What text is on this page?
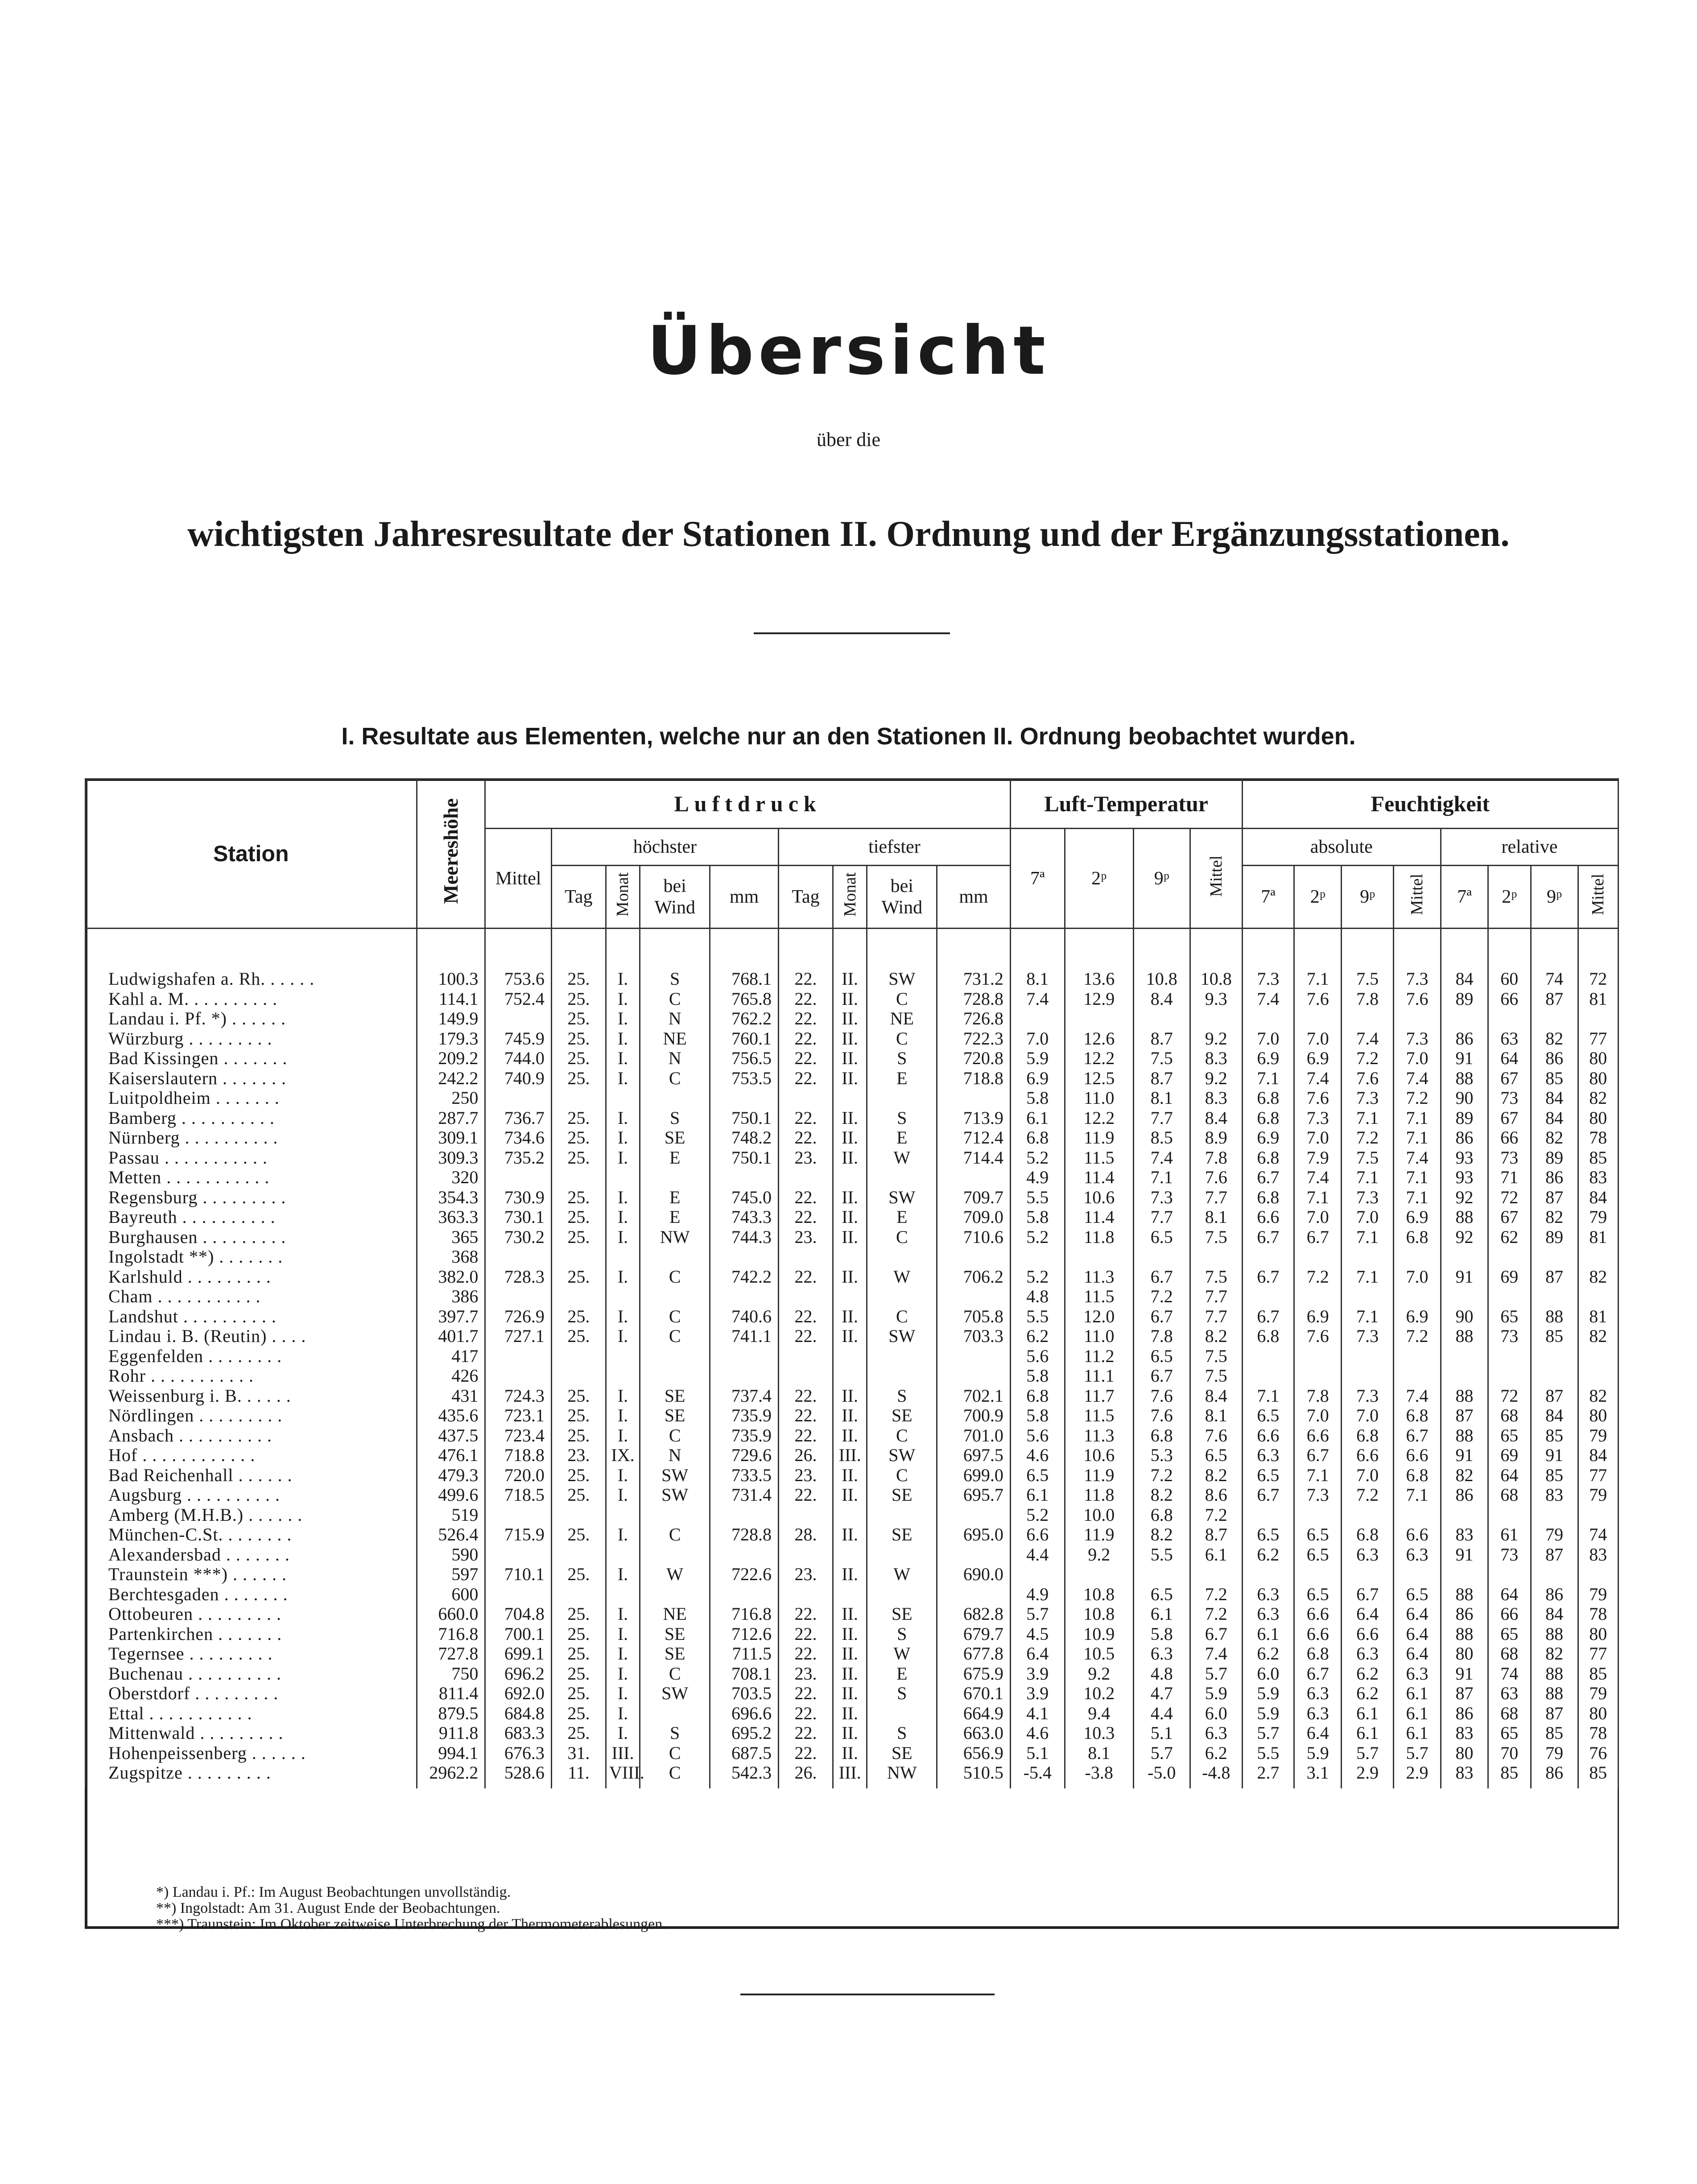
Übersicht
über die
wichtigsten Jahresresultate der Stationen II. Ordnung und der Ergänzungsstationen.
I. Resultate aus Elementen, welche nur an den Stationen II. Ordnung beobachtet wurden.
Station	Meereshöhe	Luftdruck									Luft-Temperatur				Feuchtigkeit							
		Mittel	höchster				tiefster				7ª	2ᵖ	9ᵖ	Mittel	absolute				relative			
			Tag	Monat	bei Wind	mm	Tag	Monat	bei Wind	mm					7ª	2ᵖ	9ᵖ	Mittel	7ª	2ᵖ	9ᵖ	Mittel

Ludwigshafen a. Rh. . . . . .	100.3	753.6	25.	I.	S	768.1	22.	II.	SW	731.2	8.1	13.6	10.8	10.8	7.3	7.1	7.5	7.3	84	60	74	72
Kahl a. M. . . . . . . . . .	114.1	752.4	25.	I.	C	765.8	22.	II.	C	728.8	7.4	12.9	8.4	9.3	7.4	7.6	7.8	7.6	89	66	87	81
Landau i. Pf. *) . . . . . .	149.9		25.	I.	N	762.2	22.	II.	NE	726.8												
Würzburg . . . . . . . . .	179.3	745.9	25.	I.	NE	760.1	22.	II.	C	722.3	7.0	12.6	8.7	9.2	7.0	7.0	7.4	7.3	86	63	82	77
Bad Kissingen . . . . . . .	209.2	744.0	25.	I.	N	756.5	22.	II.	S	720.8	5.9	12.2	7.5	8.3	6.9	6.9	7.2	7.0	91	64	86	80
Kaiserslautern . . . . . . .	242.2	740.9	25.	I.	C	753.5	22.	II.	E	718.8	6.9	12.5	8.7	9.2	7.1	7.4	7.6	7.4	88	67	85	80
Luitpoldheim . . . . . . .	250										5.8	11.0	8.1	8.3	6.8	7.6	7.3	7.2	90	73	84	82
Bamberg . . . . . . . . . .	287.7	736.7	25.	I.	S	750.1	22.	II.	S	713.9	6.1	12.2	7.7	8.4	6.8	7.3	7.1	7.1	89	67	84	80
Nürnberg . . . . . . . . . .	309.1	734.6	25.	I.	SE	748.2	22.	II.	E	712.4	6.8	11.9	8.5	8.9	6.9	7.0	7.2	7.1	86	66	82	78
Passau . . . . . . . . . . .	309.3	735.2	25.	I.	E	750.1	23.	II.	W	714.4	5.2	11.5	7.4	7.8	6.8	7.9	7.5	7.4	93	73	89	85
Metten . . . . . . . . . . .	320										4.9	11.4	7.1	7.6	6.7	7.4	7.1	7.1	93	71	86	83
Regensburg . . . . . . . . .	354.3	730.9	25.	I.	E	745.0	22.	II.	SW	709.7	5.5	10.6	7.3	7.7	6.8	7.1	7.3	7.1	92	72	87	84
Bayreuth . . . . . . . . . .	363.3	730.1	25.	I.	E	743.3	22.	II.	E	709.0	5.8	11.4	7.7	8.1	6.6	7.0	7.0	6.9	88	67	82	79
Burghausen . . . . . . . . .	365	730.2	25.	I.	NW	744.3	23.	II.	C	710.6	5.2	11.8	6.5	7.5	6.7	6.7	7.1	6.8	92	62	89	81
Ingolstadt **) . . . . . . .	368																					
Karlshuld . . . . . . . . .	382.0	728.3	25.	I.	C	742.2	22.	II.	W	706.2	5.2	11.3	6.7	7.5	6.7	7.2	7.1	7.0	91	69	87	82
Cham . . . . . . . . . . .	386										4.8	11.5	7.2	7.7								
Landshut . . . . . . . . . .	397.7	726.9	25.	I.	C	740.6	22.	II.	C	705.8	5.5	12.0	6.7	7.7	6.7	6.9	7.1	6.9	90	65	88	81
Lindau i. B. (Reutin) . . . .	401.7	727.1	25.	I.	C	741.1	22.	II.	SW	703.3	6.2	11.0	7.8	8.2	6.8	7.6	7.3	7.2	88	73	85	82
Eggenfelden . . . . . . . .	417										5.6	11.2	6.5	7.5								
Rohr . . . . . . . . . . .	426										5.8	11.1	6.7	7.5								
Weissenburg i. B. . . . . .	431	724.3	25.	I.	SE	737.4	22.	II.	S	702.1	6.8	11.7	7.6	8.4	7.1	7.8	7.3	7.4	88	72	87	82
Nördlingen . . . . . . . . .	435.6	723.1	25.	I.	SE	735.9	22.	II.	SE	700.9	5.8	11.5	7.6	8.1	6.5	7.0	7.0	6.8	87	68	84	80
Ansbach . . . . . . . . . .	437.5	723.4	25.	I.	C	735.9	22.	II.	C	701.0	5.6	11.3	6.8	7.6	6.6	6.6	6.8	6.7	88	65	85	79
Hof . . . . . . . . . . . .	476.1	718.8	23.	IX.	N	729.6	26.	III.	SW	697.5	4.6	10.6	5.3	6.5	6.3	6.7	6.6	6.6	91	69	91	84
Bad Reichenhall . . . . . .	479.3	720.0	25.	I.	SW	733.5	23.	II.	C	699.0	6.5	11.9	7.2	8.2	6.5	7.1	7.0	6.8	82	64	85	77
Augsburg . . . . . . . . . .	499.6	718.5	25.	I.	SW	731.4	22.	II.	SE	695.7	6.1	11.8	8.2	8.6	6.7	7.3	7.2	7.1	86	68	83	79
Amberg (M.H.B.) . . . . . .	519										5.2	10.0	6.8	7.2								
München-C.St. . . . . . . .	526.4	715.9	25.	I.	C	728.8	28.	II.	SE	695.0	6.6	11.9	8.2	8.7	6.5	6.5	6.8	6.6	83	61	79	74
Alexandersbad . . . . . . .	590										4.4	9.2	5.5	6.1	6.2	6.5	6.3	6.3	91	73	87	83
Traunstein ***) . . . . . .	597	710.1	25.	I.	W	722.6	23.	II.	W	690.0												
Berchtesgaden . . . . . . .	600										4.9	10.8	6.5	7.2	6.3	6.5	6.7	6.5	88	64	86	79
Ottobeuren . . . . . . . . .	660.0	704.8	25.	I.	NE	716.8	22.	II.	SE	682.8	5.7	10.8	6.1	7.2	6.3	6.6	6.4	6.4	86	66	84	78
Partenkirchen . . . . . . .	716.8	700.1	25.	I.	SE	712.6	22.	II.	S	679.7	4.5	10.9	5.8	6.7	6.1	6.6	6.6	6.4	88	65	88	80
Tegernsee . . . . . . . . .	727.8	699.1	25.	I.	SE	711.5	22.	II.	W	677.8	6.4	10.5	6.3	7.4	6.2	6.8	6.3	6.4	80	68	82	77
Buchenau . . . . . . . . . .	750	696.2	25.	I.	C	708.1	23.	II.	E	675.9	3.9	9.2	4.8	5.7	6.0	6.7	6.2	6.3	91	74	88	85
Oberstdorf . . . . . . . . .	811.4	692.0	25.	I.	SW	703.5	22.	II.	S	670.1	3.9	10.2	4.7	5.9	5.9	6.3	6.2	6.1	87	63	88	79
Ettal . . . . . . . . . . .	879.5	684.8	25.	I.		696.6	22.	II.		664.9	4.1	9.4	4.4	6.0	5.9	6.3	6.1	6.1	86	68	87	80
Mittenwald . . . . . . . . .	911.8	683.3	25.	I.	S	695.2	22.	II.	S	663.0	4.6	10.3	5.1	6.3	5.7	6.4	6.1	6.1	83	65	85	78
Hohenpeissenberg . . . . . .	994.1	676.3	31.	III.	C	687.5	22.	II.	SE	656.9	5.1	8.1	5.7	6.2	5.5	5.9	5.7	5.7	80	70	79	76
Zugspitze . . . . . . . . .	2962.2	528.6	11.	VIII.	C	542.3	26.	III.	NW	510.5	-5.4	-3.8	-5.0	-4.8	2.7	3.1	2.9	2.9	83	85	86	85
*) Landau i. Pf.: Im August Beobachtungen unvollständig.
**) Ingolstadt: Am 31. August Ende der Beobachtungen.
***) Traunstein: Im Oktober zeitweise Unterbrechung der Thermometerablesungen.
